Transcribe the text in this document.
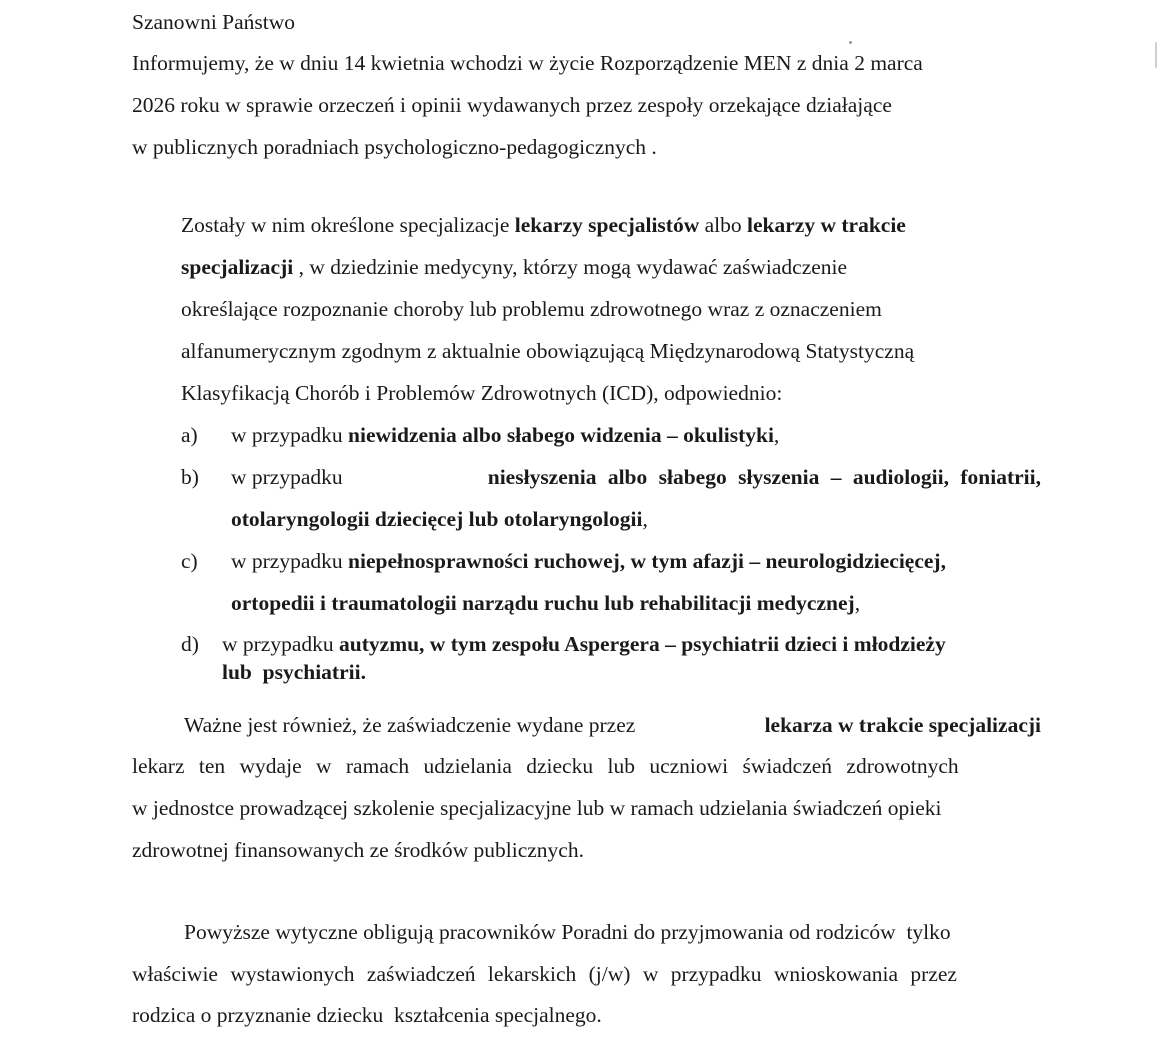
Szanowni Państwo
Informujemy, że w dniu 14 kwietnia wchodzi w życie Rozporządzenie MEN z dnia 2 marca
2026 roku w sprawie orzeczeń i opinii wydawanych przez zespoły orzekające działające
w publicznych poradniach psychologiczno-pedagogicznych .
Zostały w nim określone specjalizacje lekarzy specjalistów albo lekarzy w trakcie
specjalizacji , w dziedzinie medycyny, którzy mogą wydawać zaświadczenie
określające rozpoznanie choroby lub problemu zdrowotnego wraz z oznaczeniem
alfanumerycznym zgodnym z aktualnie obowiązującą Międzynarodową Statystyczną
Klasyfikacją Chorób i Problemów Zdrowotnych (ICD), odpowiednio:
a) w przypadku niewidzenia albo słabego widzenia – okulistyki,
b) w przypadku	niesłyszenia albo słabego słyszenia – audiologii, foniatrii,
otolaryngologii dziecięcej lub otolaryngologii,
c) w przypadku niepełnosprawności ruchowej, w tym afazji – neurologidziecięcej,
ortopedii i traumatologii narządu ruchu lub rehabilitacji medycznej,
d) w przypadku autyzmu, w tym zespołu Aspergera – psychiatrii dzieci i młodzieży
lub  psychiatrii.
Ważne jest również, że zaświadczenie wydane przez	lekarza w trakcie specjalizacji
lekarz ten wydaje w ramach udzielania dziecku lub uczniowi świadczeń zdrowotnych
w jednostce prowadzącej szkolenie specjalizacyjne lub w ramach udzielania świadczeń opieki
zdrowotnej finansowanych ze środków publicznych.
Powyższe wytyczne obligują pracowników Poradni do przyjmowania od rodziców  tylko
właściwie wystawionych zaświadczeń lekarskich (j/w) w przypadku wnioskowania przez
rodzica o przyznanie dziecku  kształcenia specjalnego.
